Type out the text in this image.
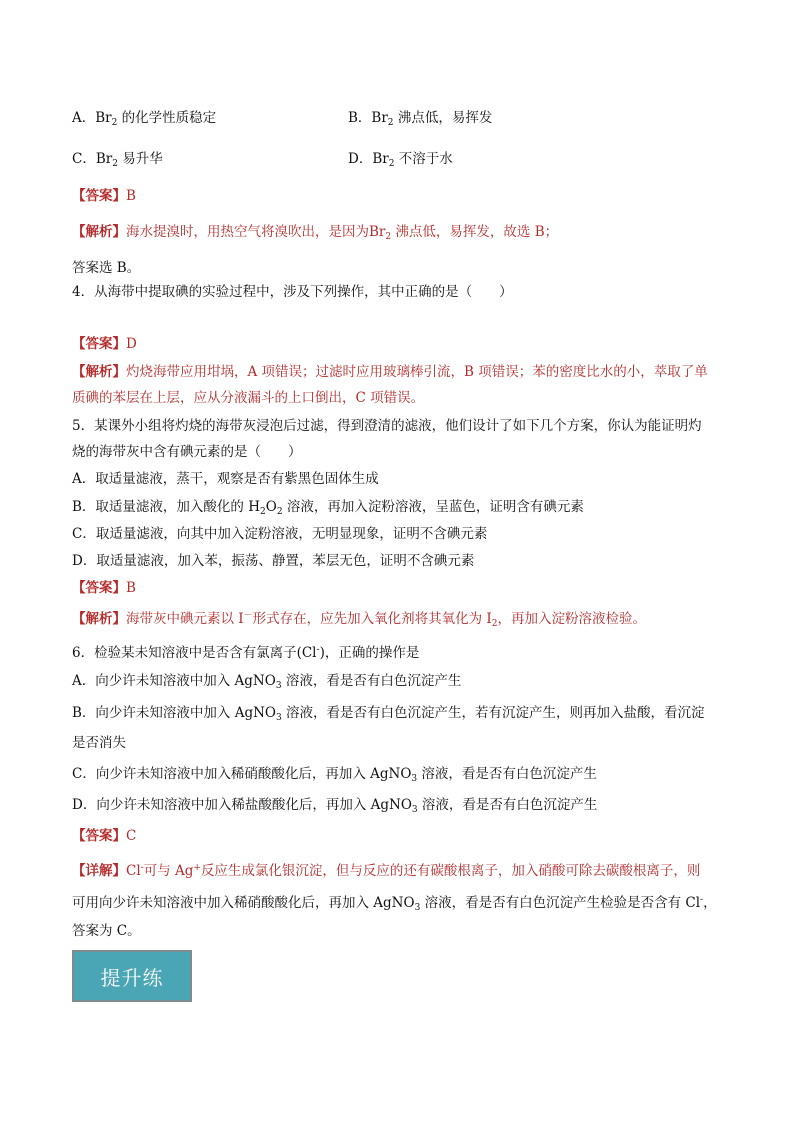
A．$Br_2$ 的化学性质稳定	B．$Br_2$ 沸点低，易挥发
C．$Br_2$ 易升华	D．$Br_2$ 不溶于水
【答案】B
【解析】海水提溴时，用热空气将溴吹出，是因为$Br_2$ 沸点低，易挥发，故选 B；
答案选 B。
4．从海带中提取碘的实验过程中，涉及下列操作，其中正确的是（　　）
【答案】D
【解析】灼烧海带应用坩埚，A 项错误；过滤时应用玻璃棒引流，B 项错误；苯的密度比水的小，萃取了单
质碘的苯层在上层，应从分液漏斗的上口倒出，C 项错误。
5．某课外小组将灼烧的海带灰浸泡后过滤，得到澄清的滤液，他们设计了如下几个方案，你认为能证明灼
烧的海带灰中含有碘元素的是（　　）
A．取适量滤液，蒸干，观察是否有紫黑色固体生成
B．取适量滤液，加入酸化的 $H_2O_2$ 溶液，再加入淀粉溶液，呈蓝色，证明含有碘元素
C．取适量滤液，向其中加入淀粉溶液，无明显现象，证明不含碘元素
D．取适量滤液，加入苯，振荡、静置，苯层无色，证明不含碘元素
【答案】B
【解析】海带灰中碘元素以 I－形式存在，应先加入氧化剂将其氧化为 $I_2$，再加入淀粉溶液检验。
6．检验某未知溶液中是否含有氯离子(Cl-)，正确的操作是
A．向少许未知溶液中加入 AgNO$_3$ 溶液，看是否有白色沉淀产生
B．向少许未知溶液中加入 AgNO$_3$ 溶液，看是否有白色沉淀产生，若有沉淀产生，则再加入盐酸，看沉淀
是否消失
C．向少许未知溶液中加入稀硝酸酸化后，再加入 AgNO$_3$ 溶液，看是否有白色沉淀产生
D．向少许未知溶液中加入稀盐酸酸化后，再加入 AgNO$_3$ 溶液，看是否有白色沉淀产生
【答案】C
【详解】Cl-可与 Ag+反应生成氯化银沉淀，但与反应的还有碳酸根离子，加入硝酸可除去碳酸根离子，则
可用向少许未知溶液中加入稀硝酸酸化后，再加入 AgNO$_3$ 溶液，看是否有白色沉淀产生检验是否含有 Cl-，
答案为 C。
提升练
